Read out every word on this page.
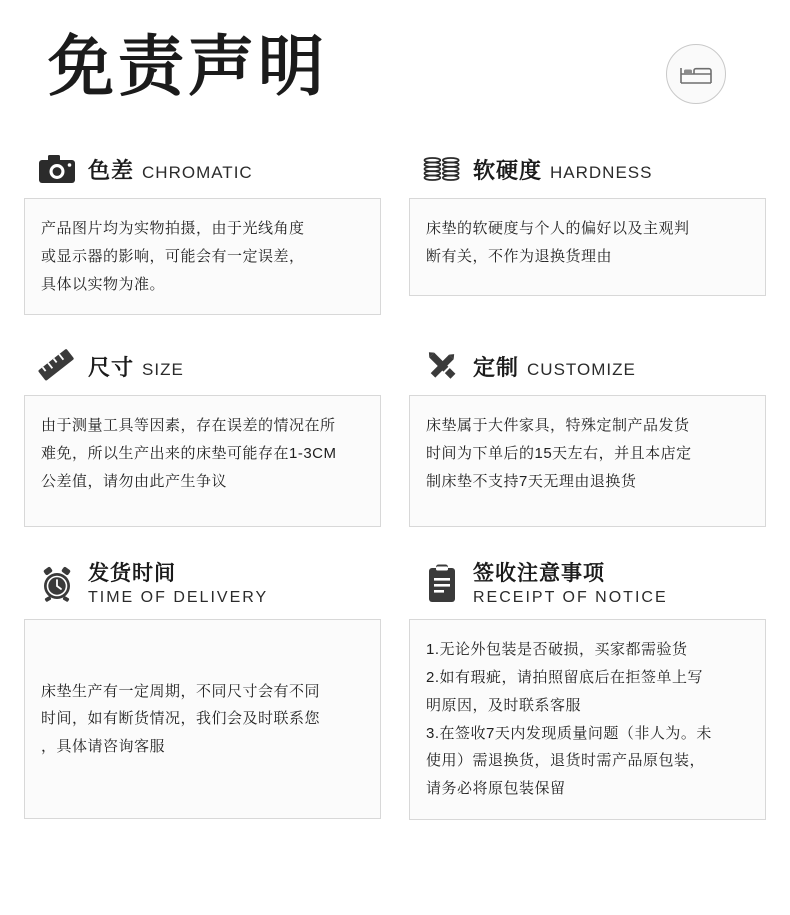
免责声明
色差 CHROMATIC

产品图片均为实物拍摄，由于光线角度

或显示器的影响，可能会有一定误差，

具体以实物为准。

软硬度 HARDNESS

床垫的软硬度与个人的偏好以及主观判

断有关，不作为退换货理由

尺寸 SIZE

由于测量工具等因素，存在误差的情况在所

难免，所以生产出来的床垫可能存在1-3CM

公差值，请勿由此产生争议

定制 CUSTOMIZE

床垫属于大件家具，特殊定制产品发货

时间为下单后的15天左右，并且本店定

制床垫不支持7天无理由退换货

发货时间
TIME OF DELIVERY

床垫生产有一定周期，不同尺寸会有不同

时间，如有断货情况，我们会及时联系您

，具体请咨询客服

签收注意事项
RECEIPT OF NOTICE

1.无论外包装是否破损，买家都需验货

2.如有瑕疵，请拍照留底后在拒签单上写

明原因，及时联系客服

3.在签收7天内发现质量问题（非人为。未

使用）需退换货，退货时需产品原包装，

请务必将原包装保留
